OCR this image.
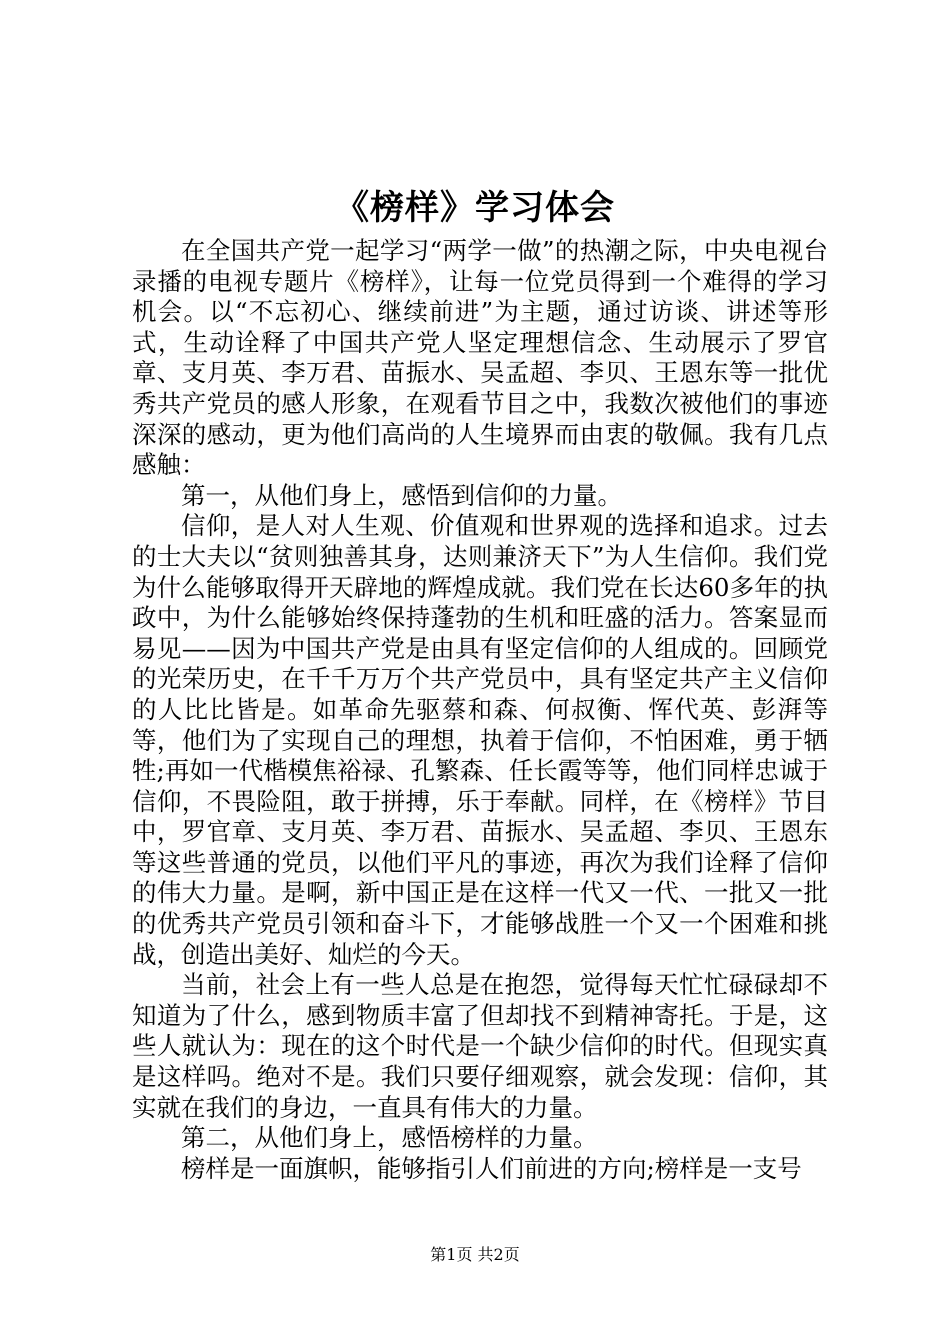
《榜样》学习体会

在全国共产党一起学习“两学一做”的热潮之际，中央电视台录播的电视专题片《榜样》，让每一位党员得到一个难得的学习机会。以“不忘初心、继续前进”为主题，通过访谈、讲述等形式，生动诠释了中国共产党人坚定理想信念、生动展示了罗官章、支月英、李万君、苗振水、吴孟超、李贝、王恩东等一批优秀共产党员的感人形象，在观看节目之中，我数次被他们的事迹深深的感动，更为他们高尚的人生境界而由衷的敬佩。我有几点感触：

第一，从他们身上，感悟到信仰的力量。

信仰，是人对人生观、价值观和世界观的选择和追求。过去的士大夫以“贫则独善其身，达则兼济天下”为人生信仰。我们党为什么能够取得开天辟地的辉煌成就。我们党在长达60多年的执政中，为什么能够始终保持蓬勃的生机和旺盛的活力。答案显而易见——因为中国共产党是由具有坚定信仰的人组成的。回顾党的光荣历史，在千千万万个共产党员中，具有坚定共产主义信仰的人比比皆是。如革命先驱蔡和森、何叔衡、恽代英、彭湃等等，他们为了实现自己的理想，执着于信仰，不怕困难，勇于牺牲;再如一代楷模焦裕禄、孔繁森、任长霞等等，他们同样忠诚于信仰，不畏险阻，敢于拼搏，乐于奉献。同样，在《榜样》节目中，罗官章、支月英、李万君、苗振水、吴孟超、李贝、王恩东等这些普通的党员，以他们平凡的事迹，再次为我们诠释了信仰的伟大力量。是啊，新中国正是在这样一代又一代、一批又一批的优秀共产党员引领和奋斗下，才能够战胜一个又一个困难和挑战，创造出美好、灿烂的今天。

当前，社会上有一些人总是在抱怨，觉得每天忙忙碌碌却不知道为了什么，感到物质丰富了但却找不到精神寄托。于是，这些人就认为：现在的这个时代是一个缺少信仰的时代。但现实真是这样吗。绝对不是。我们只要仔细观察，就会发现：信仰，其实就在我们的身边，一直具有伟大的力量。

第二，从他们身上，感悟榜样的力量。

榜样是一面旗帜，能够指引人们前进的方向;榜样是一支号

第1页 共2页
